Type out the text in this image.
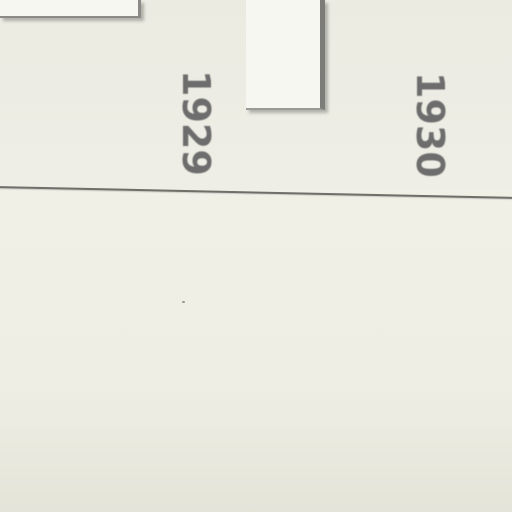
1929	1930
